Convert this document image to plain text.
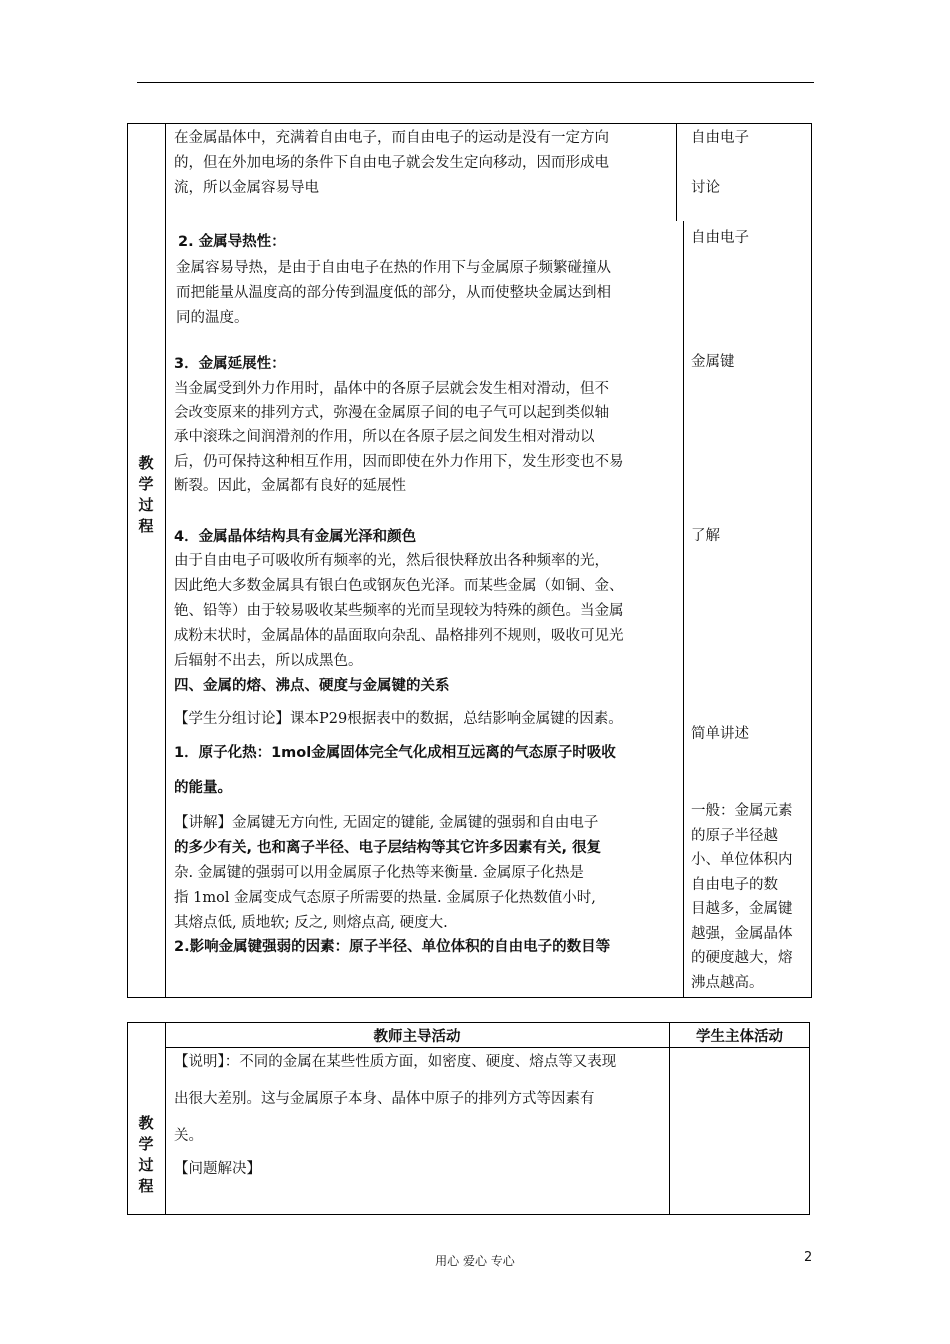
教
学
过
程
在金属晶体中，充满着自由电子，而自由电子的运动是没有一定方向
的，但在外加电场的条件下自由电子就会发生定向移动，因而形成电
流，所以金属容易导电
2. 金属导热性：
金属容易导热，是由于自由电子在热的作用下与金属原子频繁碰撞从
而把能量从温度高的部分传到温度低的部分，从而使整块金属达到相
同的温度。
3．金属延展性：
当金属受到外力作用时，晶体中的各原子层就会发生相对滑动，但不
会改变原来的排列方式，弥漫在金属原子间的电子气可以起到类似轴
承中滚珠之间润滑剂的作用，所以在各原子层之间发生相对滑动以
后，仍可保持这种相互作用，因而即使在外力作用下，发生形变也不易
断裂。因此，金属都有良好的延展性
4．金属晶体结构具有金属光泽和颜色
由于自由电子可吸收所有频率的光，然后很快释放出各种频率的光，
因此绝大多数金属具有银白色或钢灰色光泽。而某些金属（如铜、金、
铯、铅等）由于较易吸收某些频率的光而呈现较为特殊的颜色。当金属
成粉末状时，金属晶体的晶面取向杂乱、晶格排列不规则，吸收可见光
后辐射不出去，所以成黑色。
四、金属的熔、沸点、硬度与金属键的关系
【学生分组讨论】课本P29根据表中的数据，总结影响金属键的因素。
1．原子化热：1mol金属固体完全气化成相互远离的气态原子时吸收
的能量。
【讲解】金属键无方向性, 无固定的键能, 金属键的强弱和自由电子
的多少有关, 也和离子半径、电子层结构等其它许多因素有关, 很复
杂. 金属键的强弱可以用金属原子化热等来衡量. 金属原子化热是
指 1mol 金属变成气态原子所需要的热量. 金属原子化热数值小时,
其熔点低, 质地软; 反之, 则熔点高, 硬度大.
2.影响金属键强弱的因素：原子半径、单位体积的自由电子的数目等
自由电子
讨论
自由电子
金属键
了解
简单讲述
一般：金属元素
的原子半径越
小、单位体积内
自由电子的数
目越多，金属键
越强，金属晶体
的硬度越大，熔
沸点越高。
教师主导活动	学生主体活动
教
学
过
程
【说明】：不同的金属在某些性质方面，如密度、硬度、熔点等又表现
出很大差别。这与金属原子本身、晶体中原子的排列方式等因素有
关。
【问题解决】
用心 爱心 专心	2
